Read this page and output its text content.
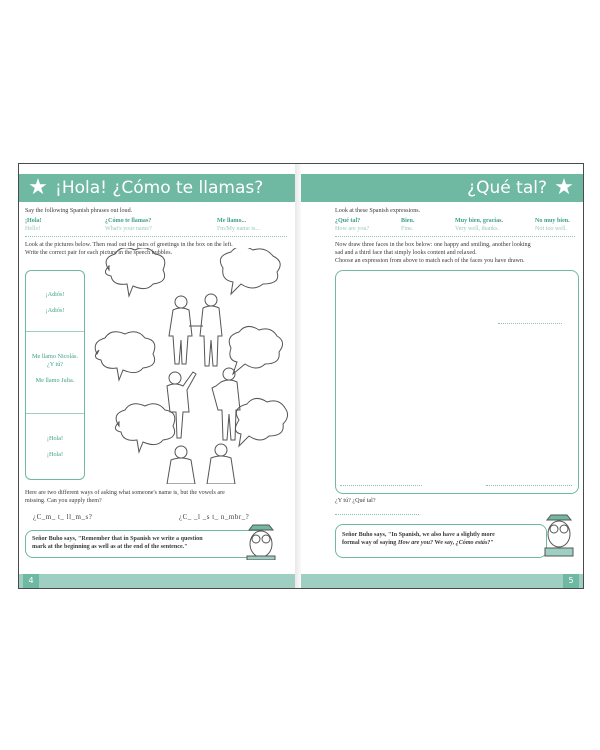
★ ¡Hola! ¿Cómo te llamas?	¿Qué tal? ★
Say the following Spanish phrases out loud.
¡Hola!
Hello!
¿Cómo te llamas?
What's your name?
Me llamo...
I'm/My name is...
Look at the pictures below. Then read out the pairs of greetings in the box on the left.
Write the correct pair for each picture in the speech bubbles.
¡Adiós!
¡Adiós!
Me llamo Nicolás. ¿Y tú?
Me llamo Julia.
¡Hola!
¡Hola!
Here are two different ways of asking what someone's name is, but the vowels are
missing. Can you supply them?
¿C_m_ t_ ll_m_s?	¿C_ _l _s t_ n_mbr_?
Señor Buho says, "Remember that in Spanish we write a question
mark at the beginning as well as at the end of the sentence."
4
Look at these Spanish expressions.
¿Qué tal?
How are you?
Bien.
Fine.
Muy bien, gracias.
Very well, thanks.
No muy bien.
Not too well.
Now draw three faces in the box below: one happy and smiling, another looking
sad and a third face that simply looks content and relaxed.
Choose an expression from above to match each of the faces you have drawn.
¿Y tú? ¿Qué tal?
Señor Buho says, "In Spanish, we also have a slightly more
formal way of saying How are you? We say, ¿Cómo estás?"
5
